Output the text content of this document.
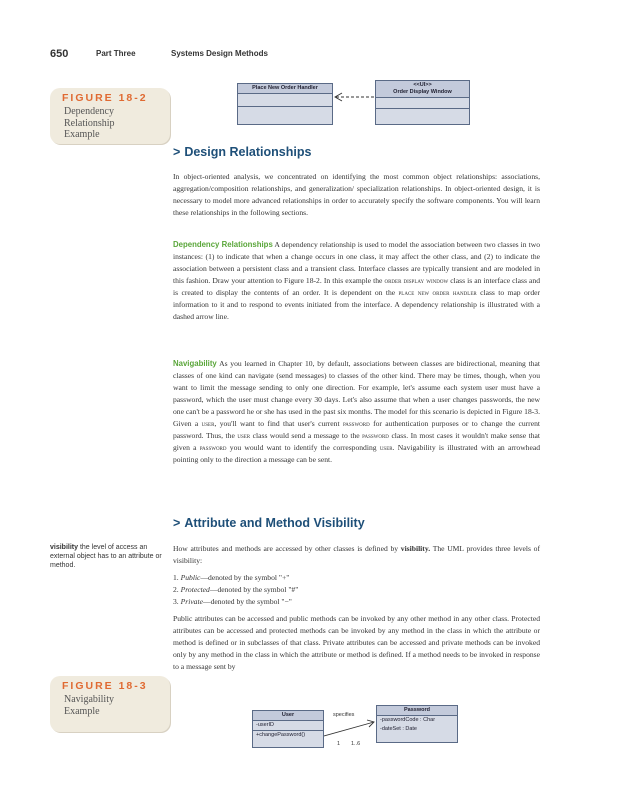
650	Part Three	Systems Design Methods
FIGURE 18-2
Dependency
Relationship
Example
Place New Order Handler	<<UI>>
Order Display Window
> Design Relationships

In object-oriented analysis, we concentrated on identifying the most common object relationships: associations, aggregation/composition relationships, and generalization/ specialization relationships. In object-oriented design, it is necessary to model more advanced relationships in order to accurately specify the software components. You will learn these relationships in the following sections.

Dependency Relationships A dependency relationship is used to model the association between two classes in two instances: (1) to indicate that when a change occurs in one class, it may affect the other class, and (2) to indicate the association between a persistent class and a transient class. Interface classes are typically transient and are modeled in this fashion. Draw your attention to Figure 18-2. In this example the order display window class is an interface class and is created to display the contents of an order. It is dependent on the place new order handler class to map order information to it and to respond to events initiated from the interface. A dependency relationship is illustrated with a dashed arrow line.

Navigability As you learned in Chapter 10, by default, associations between classes are bidirectional, meaning that classes of one kind can navigate (send messages) to classes of the other kind. There may be times, though, when you want to limit the message sending to only one direction. For example, let's assume each system user must have a password, which the user must change every 30 days. Let's also assume that when a user changes passwords, the new one can't be a password he or she has used in the past six months. The model for this scenario is depicted in Figure 18-3. Given a user, you'll want to find that user's current password for authentication purposes or to change the current password. Thus, the user class would send a message to the password class. In most cases it wouldn't make sense that given a password you would want to identify the corresponding user. Navigability is illustrated with an arrowhead pointing only to the direction a message can be sent.

> Attribute and Method Visibility
visibility the level of access an external object has to an attribute or method.

How attributes and methods are accessed by other classes is defined by visibility. The UML provides three levels of visibility:

1. Public—denoted by the symbol "+"
2. Protected—denoted by the symbol "#"
3. Private—denoted by the symbol "−"

Public attributes can be accessed and public methods can be invoked by any other method in any other class. Protected attributes can be accessed and protected methods can be invoked by any method in the class in which the attribute or method is defined or in subclasses of that class. Private attributes can be accessed and private methods can be invoked only by any method in the class in which the attribute or method is defined. If a method needs to be invoked in response to a message sent by

FIGURE 18-3
Navigability
Example	User
-userID
+changePassword()
specifies
1 1..6
Password
-passwordCode : Char
-dateSet : Date
